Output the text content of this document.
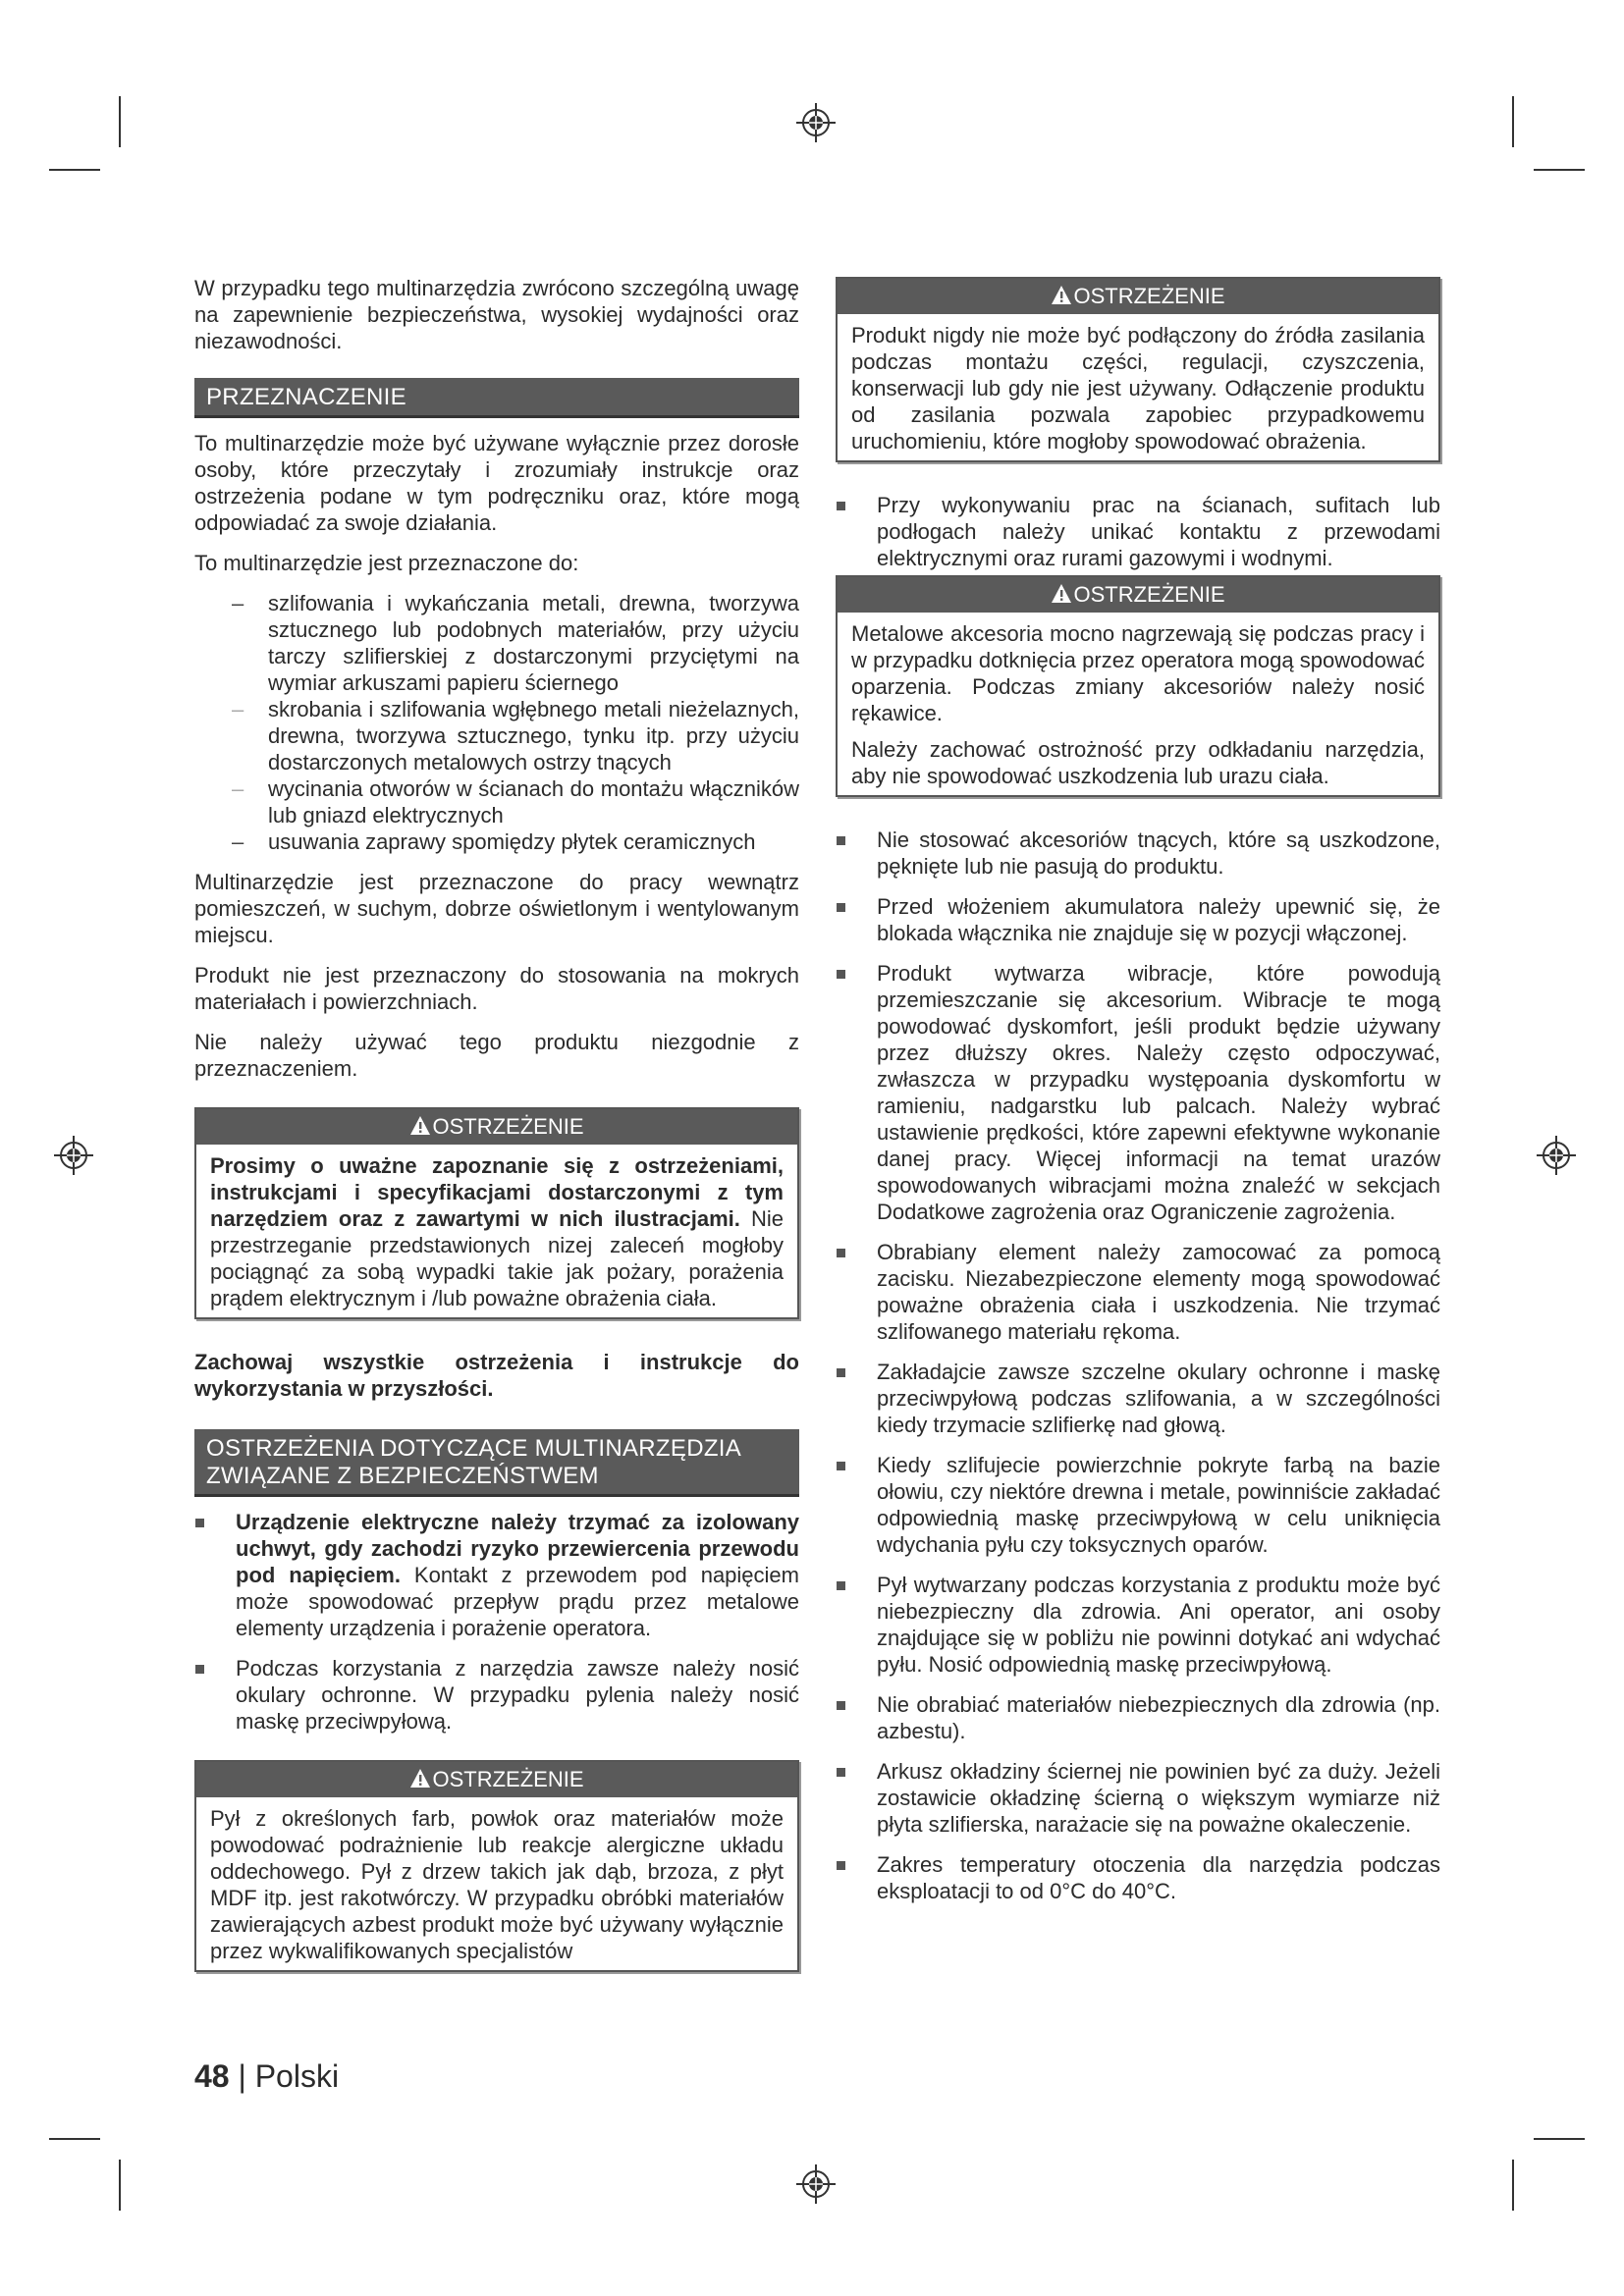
W przypadku tego multinarzędzia zwrócono szczególną uwagę na zapewnienie bezpieczeństwa, wysokiej wydajności oraz niezawodności.

PRZEZNACZENIE

To multinarzędzie może być używane wyłącznie przez dorosłe osoby, które przeczytały i zrozumiały instrukcje oraz ostrzeżenia podane w tym podręczniku oraz, które mogą odpowiadać za swoje działania.

To multinarzędzie jest przeznaczone do:

– szlifowania i wykańczania metali, drewna, tworzywa sztucznego lub podobnych materiałów, przy użyciu tarczy szlifierskiej z dostarczonymi przyciętymi na wymiar arkuszami papieru ściernego
– skrobania i szlifowania wgłębnego metali nieżelaznych, drewna, tworzywa sztucznego, tynku itp. przy użyciu dostarczonych metalowych ostrzy tnących
– wycinania otworów w ścianach do montażu włączników lub gniazd elektrycznych
– usuwania zaprawy spomiędzy płytek ceramicznych

Multinarzędzie jest przeznaczone do pracy wewnątrz pomieszczeń, w suchym, dobrze oświetlonym i wentylowanym miejscu.

Produkt nie jest przeznaczony do stosowania na mokrych materiałach i powierzchniach.

Nie należy używać tego produktu niezgodnie z przeznaczeniem.

OSTRZEŻENIE

Prosimy o uważne zapoznanie się z ostrzeżeniami, instrukcjami i specyfikacjami dostarczonymi z tym narzędziem oraz z zawartymi w nich ilustracjami. Nie przestrzeganie przedstawionych nizej zaleceń mogłoby pociągnąć za sobą wypadki takie jak pożary, porażenia prądem elektrycznym i /lub poważne obrażenia ciała.

Zachowaj wszystkie ostrzeżenia i instrukcje do wykorzystania w przyszłości.

OSTRZEŻENIA DOTYCZĄCE MULTINARZĘDZIA ZWIĄZANE Z BEZPIECZEŃSTWEM
Urządzenie elektryczne należy trzymać za izolowany uchwyt, gdy zachodzi ryzyko przewiercenia przewodu pod napięciem. Kontakt z przewodem pod napięciem może spowodować przepływ prądu przez metalowe elementy urządzenia i porażenie operatora.
Podczas korzystania z narzędzia zawsze należy nosić okulary ochronne. W przypadku pylenia należy nosić maskę przeciwpyłową.
OSTRZEŻENIE

Pył z określonych farb, powłok oraz materiałów może powodować podrażnienie lub reakcje alergiczne układu oddechowego. Pył z drzew takich jak dąb, brzoza, z płyt MDF itp. jest rakotwórczy. W przypadku obróbki materiałów zawierających azbest produkt może być używany wyłącznie przez wykwalifikowanych specjalistów

OSTRZEŻENIE

Produkt nigdy nie może być podłączony do źródła zasilania podczas montażu części, regulacji, czyszczenia, konserwacji lub gdy nie jest używany. Odłączenie produktu od zasilania pozwala zapobiec przypadkowemu uruchomieniu, które mogłoby spowodować obrażenia.

Przy wykonywaniu prac na ścianach, sufitach lub podłogach należy unikać kontaktu z przewodami elektrycznymi oraz rurami gazowymi i wodnymi.
OSTRZEŻENIE

Metalowe akcesoria mocno nagrzewają się podczas pracy i w przypadku dotknięcia przez operatora mogą spowodować oparzenia. Podczas zmiany akcesoriów należy nosić rękawice.

Należy zachować ostrożność przy odkładaniu narzędzia, aby nie spowodować uszkodzenia lub urazu ciała.

Nie stosować akcesoriów tnących, które są uszkodzone, pęknięte lub nie pasują do produktu.
Przed włożeniem akumulatora należy upewnić się, że blokada włącznika nie znajduje się w pozycji włączonej.
Produkt wytwarza wibracje, które powodują przemieszczanie się akcesorium. Wibracje te mogą powodować dyskomfort, jeśli produkt będzie używany przez dłuższy okres. Należy często odpoczywać, zwłaszcza w przypadku występoania dyskomfortu w ramieniu, nadgarstku lub palcach. Należy wybrać ustawienie prędkości, które zapewni efektywne wykonanie danej pracy. Więcej informacji na temat urazów spowodowanych wibracjami można znaleźć w sekcjach Dodatkowe zagrożenia oraz Ograniczenie zagrożenia.
Obrabiany element należy zamocować za pomocą zacisku. Niezabezpieczone elementy mogą spowodować poważne obrażenia ciała i uszkodzenia. Nie trzymać szlifowanego materiału rękoma.
Zakładajcie zawsze szczelne okulary ochronne i maskę przeciwpyłową podczas szlifowania, a w szczególności kiedy trzymacie szlifierkę nad głową.
Kiedy szlifujecie powierzchnie pokryte farbą na bazie ołowiu, czy niektóre drewna i metale, powinniście zakładać odpowiednią maskę przeciwpyłową w celu uniknięcia wdychania pyłu czy toksycznych oparów.
Pył wytwarzany podczas korzystania z produktu może być niebezpieczny dla zdrowia. Ani operator, ani osoby znajdujące się w pobliżu nie powinni dotykać ani wdychać pyłu. Nosić odpowiednią maskę przeciwpyłową.
Nie obrabiać materiałów niebezpiecznych dla zdrowia (np. azbestu).
Arkusz okładziny ściernej nie powinien być za duży. Jeżeli zostawicie okładzinę ścierną o większym wymiarze niż płyta szlifierska, narażacie się na poważne okaleczenie.
Zakres temperatury otoczenia dla narzędzia podczas eksploatacji to od 0°C do 40°C.
48 | Polski
